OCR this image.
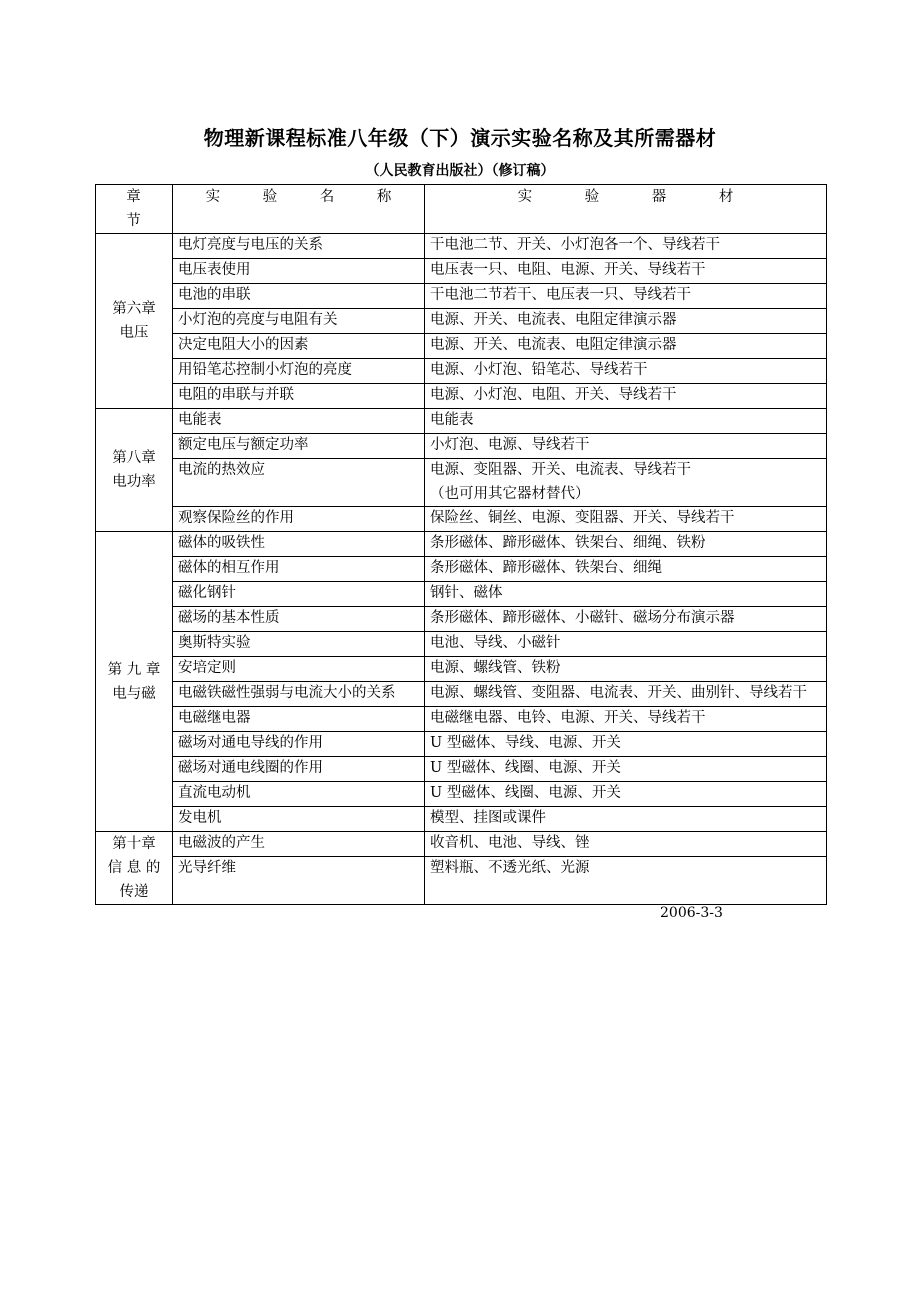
物理新课程标准八年级（下）演示实验名称及其所需器材
（人民教育出版社）（修订稿）
章 节	实 验 名 称	实 验 器 材

第六章
电压	电灯亮度与电压的关系	干电池二节、开关、小灯泡各一个、导线若干
	电压表使用	电压表一只、电阻、电源、开关、导线若干
	电池的串联	干电池二节若干、电压表一只、导线若干
	小灯泡的亮度与电阻有关	电源、开关、电流表、电阻定律演示器
	决定电阻大小的因素	电源、开关、电流表、电阻定律演示器
	用铅笔芯控制小灯泡的亮度	电源、小灯泡、铅笔芯、导线若干
	电阻的串联与并联	电源、小灯泡、电阻、开关、导线若干

第八章
电功率	电能表	电能表
	额定电压与额定功率	小灯泡、电源、导线若干
	电流的热效应	电源、变阻器、开关、电流表、导线若干
（也可用其它器材替代）

	观察保险丝的作用	保险丝、铜丝、电源、变阻器、开关、导线若干

第 九 章
电与磁	磁体的吸铁性	条形磁体、蹄形磁体、铁架台、细绳、铁粉
	磁体的相互作用	条形磁体、蹄形磁体、铁架台、细绳
	磁化钢针	钢针、磁体
	磁场的基本性质	条形磁体、蹄形磁体、小磁针、磁场分布演示器
	奥斯特实验	电池、导线、小磁针
	安培定则	电源、螺线管、铁粉
	电磁铁磁性强弱与电流大小的关系	电源、螺线管、变阻器、电流表、开关、曲别针、导线若干
	电磁继电器	电磁继电器、电铃、电源、开关、导线若干
	磁场对通电导线的作用	U 型磁体、导线、电源、开关
	磁场对通电线圈的作用	U 型磁体、线圈、电源、开关
	直流电动机	U 型磁体、线圈、电源、开关
	发电机	模型、挂图或课件

第十章
信 息 的
传递	电磁波的产生	收音机、电池、导线、锉
	光导纤维	塑料瓶、不透光纸、光源
2006-3-3
